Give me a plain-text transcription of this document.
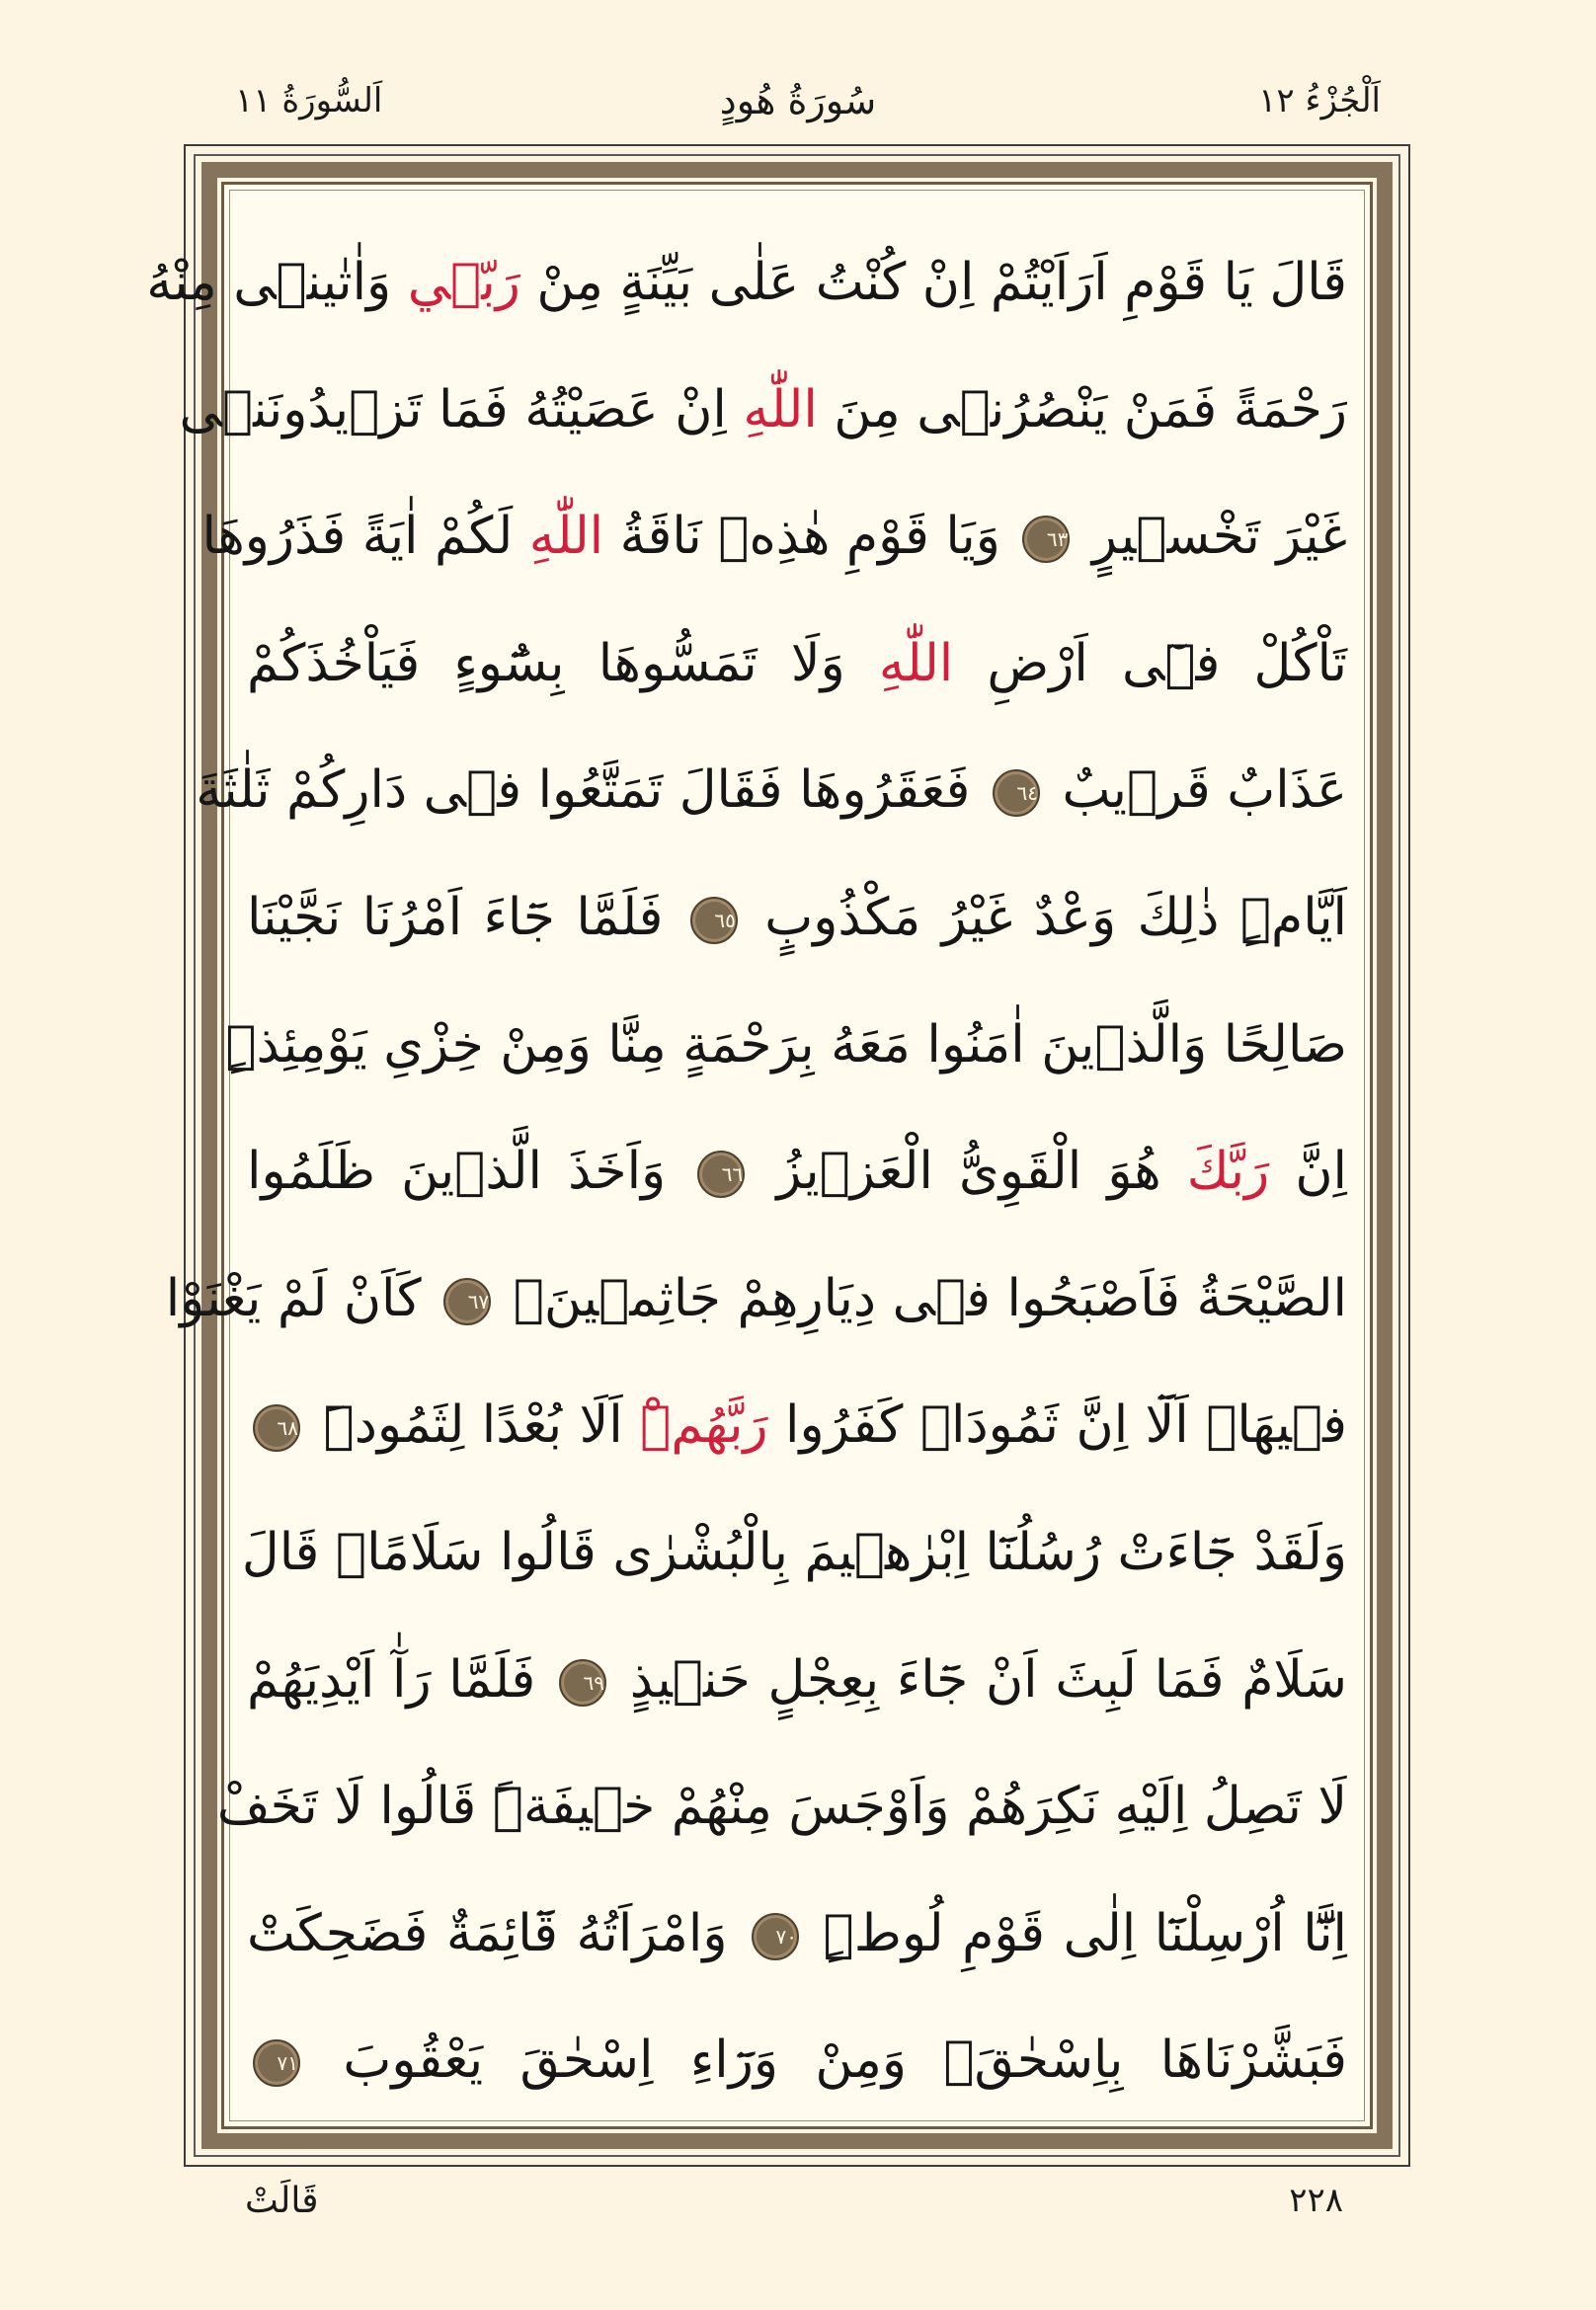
اَلْجُزْءُ ١٢
سُورَةُ هُودٍ
اَلسُّورَةُ ١١
قَالَ يَا قَوْمِ اَرَاَيْتُمْ اِنْ كُنْتُ عَلٰى بَيِّنَةٍ مِنْ رَبّ۪ي وَاٰتٰينٖى مِنْهُ
رَحْمَةً فَمَنْ يَنْصُرُنٖى مِنَ اللّٰهِ اِنْ عَصَيْتُهُ فَمَا تَزٖيدُونَنٖى
غَيْرَ تَخْسٖيرٍ ٦٣ وَيَا قَوْمِ هٰذِهٖ نَاقَةُ اللّٰهِ لَكُمْ اٰيَةً فَذَرُوهَا
تَاْكُلْ فٖٓى اَرْضِ اللّٰهِ وَلَا تَمَسُّوهَا بِسُٓوءٍ فَيَاْخُذَكُمْ
عَذَابٌ قَرٖيبٌ ٦٤ فَعَقَرُوهَا فَقَالَ تَمَتَّعُوا فٖى دَارِكُمْ ثَلٰثَةَ
اَيَّامٍۜ ذٰلِكَ وَعْدٌ غَيْرُ مَكْذُوبٍ ٦٥ فَلَمَّا جَٓاءَ اَمْرُنَا نَجَّيْنَا
صَالِحًا وَالَّذٖينَ اٰمَنُوا مَعَهُ بِرَحْمَةٍ مِنَّا وَمِنْ خِزْىِ يَوْمِئِذٍۜ
اِنَّ رَبَّكَ هُوَ الْقَوِىُّ الْعَزٖيزُ ٦٦ وَاَخَذَ الَّذٖينَ ظَلَمُوا
الصَّيْحَةُ فَاَصْبَحُوا فٖى دِيَارِهِمْ جَاثِمٖينَۙ ٦٧ كَاَنْ لَمْ يَغْنَوْا
فٖيهَاۜ اَلَٓا اِنَّ ثَمُودَا۬ كَفَرُوا رَبَّهُمْۜ اَلَا بُعْدًا لِثَمُودَۜ ٦٨
وَلَقَدْ جَٓاءَتْ رُسُلُنَٓا اِبْرٰهٖيمَ بِالْبُشْرٰى قَالُوا سَلَامًاۜ قَالَ
سَلَامٌ فَمَا لَبِثَ اَنْ جَٓاءَ بِعِجْلٍ حَنٖيذٍ ٦٩ فَلَمَّا رَآٰ اَيْدِيَهُمْ
لَا تَصِلُ اِلَيْهِ نَكِرَهُمْ وَاَوْجَسَ مِنْهُمْ خٖيفَةًۜ قَالُوا لَا تَخَفْ
اِنَّٓا اُرْسِلْنَٓا اِلٰى قَوْمِ لُوطٍۜ ٧٠ وَامْرَاَتُهُ قَٓائِمَةٌ فَضَحِكَتْ
فَبَشَّرْنَاهَا بِاِسْحٰقَۙ وَمِنْ وَرَٓاءِ اِسْحٰقَ يَعْقُوبَ ٧١
قَالَتْ	٢٢٨
